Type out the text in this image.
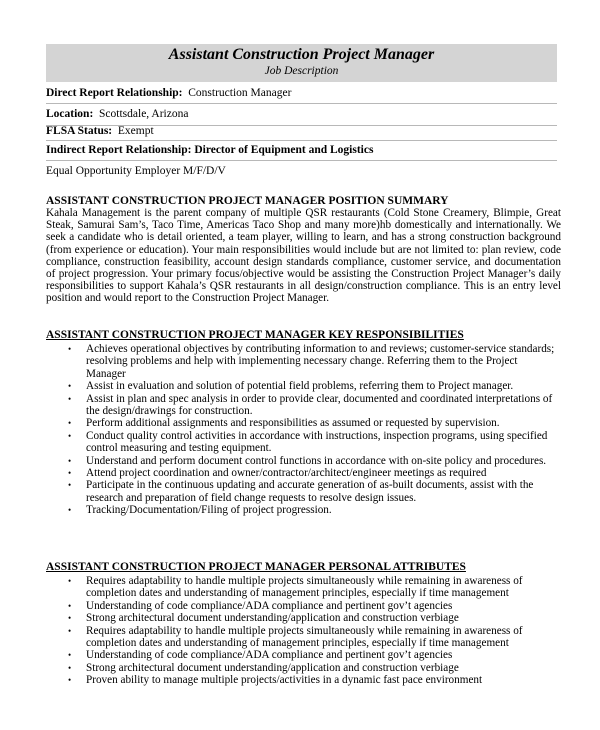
Assistant Construction Project Manager
Job Description
Direct Report Relationship: Construction Manager
Location: Scottsdale, Arizona
FLSA Status: Exempt
Indirect Report Relationship: Director of Equipment and Logistics
Equal Opportunity Employer M/F/D/V
ASSISTANT CONSTRUCTION PROJECT MANAGER POSITION SUMMARY
Kahala Management is the parent company of multiple QSR restaurants (Cold Stone Creamery, Blimpie, Great Steak, Samurai Sam’s, Taco Time, Americas Taco Shop and many more)hb domestically and internationally. We seek a candidate who is detail oriented, a team player, willing to learn, and has a strong construction background (from experience or education). Your main responsibilities would include but are not limited to: plan review, code compliance, construction feasibility, account design standards compliance, customer service, and documentation of project progression. Your primary focus/objective would be assisting the Construction Project Manager’s daily responsibilities to support Kahala’s QSR restaurants in all design/construction compliance. This is an entry level position and would report to the Construction Project Manager.
ASSISTANT CONSTRUCTION PROJECT MANAGER KEY RESPONSIBILITIES
• Achieves operational objectives by contributing information to and reviews; customer-service standards; resolving problems and help with implementing necessary change. Referring them to the Project Manager
• Assist in evaluation and solution of potential field problems, referring them to Project manager.
• Assist in plan and spec analysis in order to provide clear, documented and coordinated interpretations of the design/drawings for construction.
• Perform additional assignments and responsibilities as assumed or requested by supervision.
• Conduct quality control activities in accordance with instructions, inspection programs, using specified control measuring and testing equipment.
• Understand and perform document control functions in accordance with on-site policy and procedures.
• Attend project coordination and owner/contractor/architect/engineer meetings as required
• Participate in the continuous updating and accurate generation of as-built documents, assist with the research and preparation of field change requests to resolve design issues.
• Tracking/Documentation/Filing of project progression.
ASSISTANT CONSTRUCTION PROJECT MANAGER PERSONAL ATTRIBUTES
• Requires adaptability to handle multiple projects simultaneously while remaining in awareness of completion dates and understanding of management principles, especially if time management
• Understanding of code compliance/ADA compliance and pertinent gov’t agencies
• Strong architectural document understanding/application and construction verbiage
• Requires adaptability to handle multiple projects simultaneously while remaining in awareness of completion dates and understanding of management principles, especially if time management
• Understanding of code compliance/ADA compliance and pertinent gov’t agencies
• Strong architectural document understanding/application and construction verbiage
• Proven ability to manage multiple projects/activities in a dynamic fast pace environment
